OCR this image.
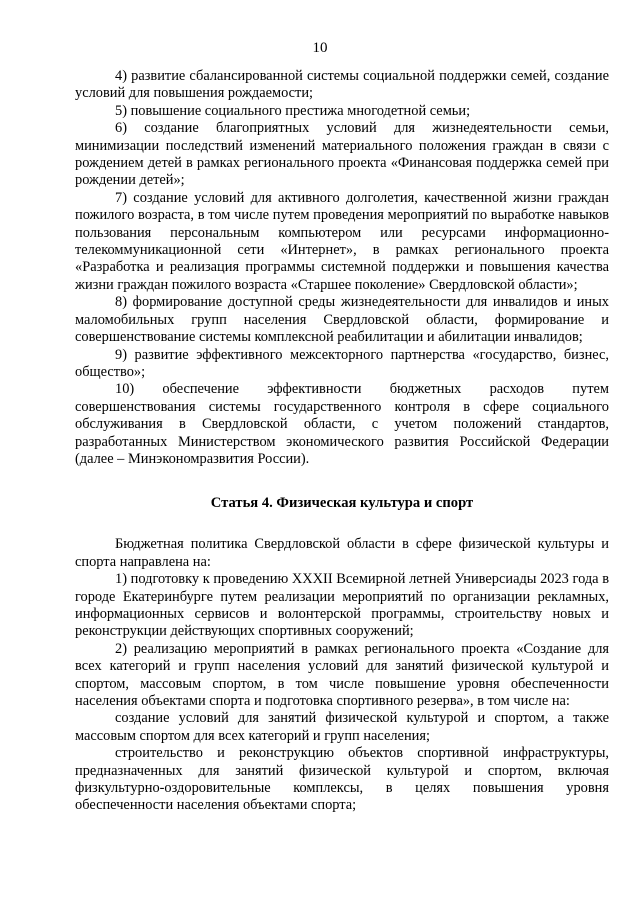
10

4) развитие сбалансированной системы социальной поддержки семей, создание условий для повышения рождаемости;

5) повышение социального престижа многодетной семьи;

6) создание благоприятных условий для жизнедеятельности семьи, минимизации последствий изменений материального положения граждан в связи с рождением детей в рамках регионального проекта «Финансовая поддержка семей при рождении детей»;

7) создание условий для активного долголетия, качественной жизни граждан пожилого возраста, в том числе путем проведения мероприятий по выработке навыков пользования персональным компьютером или ресурсами информационно-телекоммуникационной сети «Интернет», в рамках регионального проекта «Разработка и реализация программы системной поддержки и повышения качества жизни граждан пожилого возраста «Старшее поколение» Свердловской области»;

8) формирование доступной среды жизнедеятельности для инвалидов и иных маломобильных групп населения Свердловской области, формирование и совершенствование системы комплексной реабилитации и абилитации инвалидов;

9) развитие эффективного межсекторного партнерства «государство, бизнес, общество»;

10) обеспечение эффективности бюджетных расходов путем совершенствования системы государственного контроля в сфере социального обслуживания в Свердловской области, с учетом положений стандартов, разработанных Министерством экономического развития Российской Федерации (далее – Минэкономразвития России).

Статья 4. Физическая культура и спорт

Бюджетная политика Свердловской области в сфере физической культуры и спорта направлена на:

1) подготовку к проведению XXXII Всемирной летней Универсиады 2023 года в городе Екатеринбурге путем реализации мероприятий по организации рекламных, информационных сервисов и волонтерской программы, строительству новых и реконструкции действующих спортивных сооружений;

2) реализацию мероприятий в рамках регионального проекта «Создание для всех категорий и групп населения условий для занятий физической культурой и спортом, массовым спортом, в том числе повышение уровня обеспеченности населения объектами спорта и подготовка спортивного резерва», в том числе на:

создание условий для занятий физической культурой и спортом, а также массовым спортом для всех категорий и групп населения;

строительство и реконструкцию объектов спортивной инфраструктуры, предназначенных для занятий физической культурой и спортом, включая физкультурно-оздоровительные комплексы, в целях повышения уровня обеспеченности населения объектами спорта;
